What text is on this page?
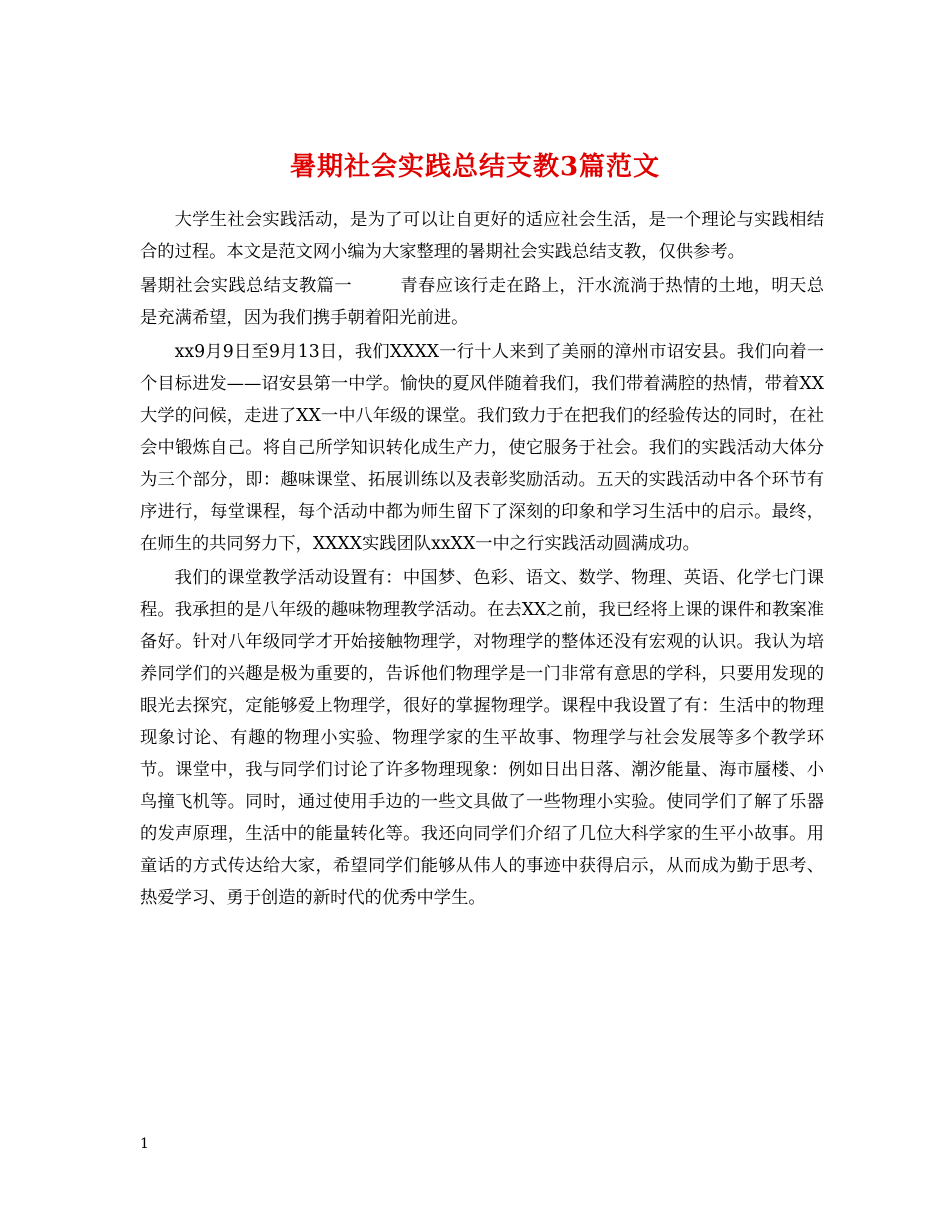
暑期社会实践总结支教3篇范文

大学生社会实践活动，是为了可以让自更好的适应社会生活，是一个理论与实践相结合的过程。本文是范文网小编为大家整理的暑期社会实践总结支教，仅供参考。

暑期社会实践总结支教篇一	青春应该行走在路上，汗水流淌于热情的土地，明天总是充满希望，因为我们携手朝着阳光前进。

xx9月9日至9月13日，我们XXXX一行十人来到了美丽的漳州市诏安县。我们向着一个目标进发——诏安县第一中学。愉快的夏风伴随着我们，我们带着满腔的热情，带着XX大学的问候，走进了XX一中八年级的课堂。我们致力于在把我们的经验传达的同时，在社会中锻炼自己。将自己所学知识转化成生产力，使它服务于社会。我们的实践活动大体分为三个部分，即：趣味课堂、拓展训练以及表彰奖励活动。五天的实践活动中各个环节有序进行，每堂课程，每个活动中都为师生留下了深刻的印象和学习生活中的启示。最终，在师生的共同努力下，XXXX实践团队xxXX一中之行实践活动圆满成功。

我们的课堂教学活动设置有：中国梦、色彩、语文、数学、物理、英语、化学七门课程。我承担的是八年级的趣味物理教学活动。在去XX之前，我已经将上课的课件和教案准备好。针对八年级同学才开始接触物理学，对物理学的整体还没有宏观的认识。我认为培养同学们的兴趣是极为重要的，告诉他们物理学是一门非常有意思的学科，只要用发现的眼光去探究，定能够爱上物理学，很好的掌握物理学。课程中我设置了有：生活中的物理现象讨论、有趣的物理小实验、物理学家的生平故事、物理学与社会发展等多个教学环节。课堂中，我与同学们讨论了许多物理现象：例如日出日落、潮汐能量、海市蜃楼、小鸟撞飞机等。同时，通过使用手边的一些文具做了一些物理小实验。使同学们了解了乐器的发声原理，生活中的能量转化等。我还向同学们介绍了几位大科学家的生平小故事。用童话的方式传达给大家，希望同学们能够从伟人的事迹中获得启示，从而成为勤于思考、热爱学习、勇于创造的新时代的优秀中学生。

1
